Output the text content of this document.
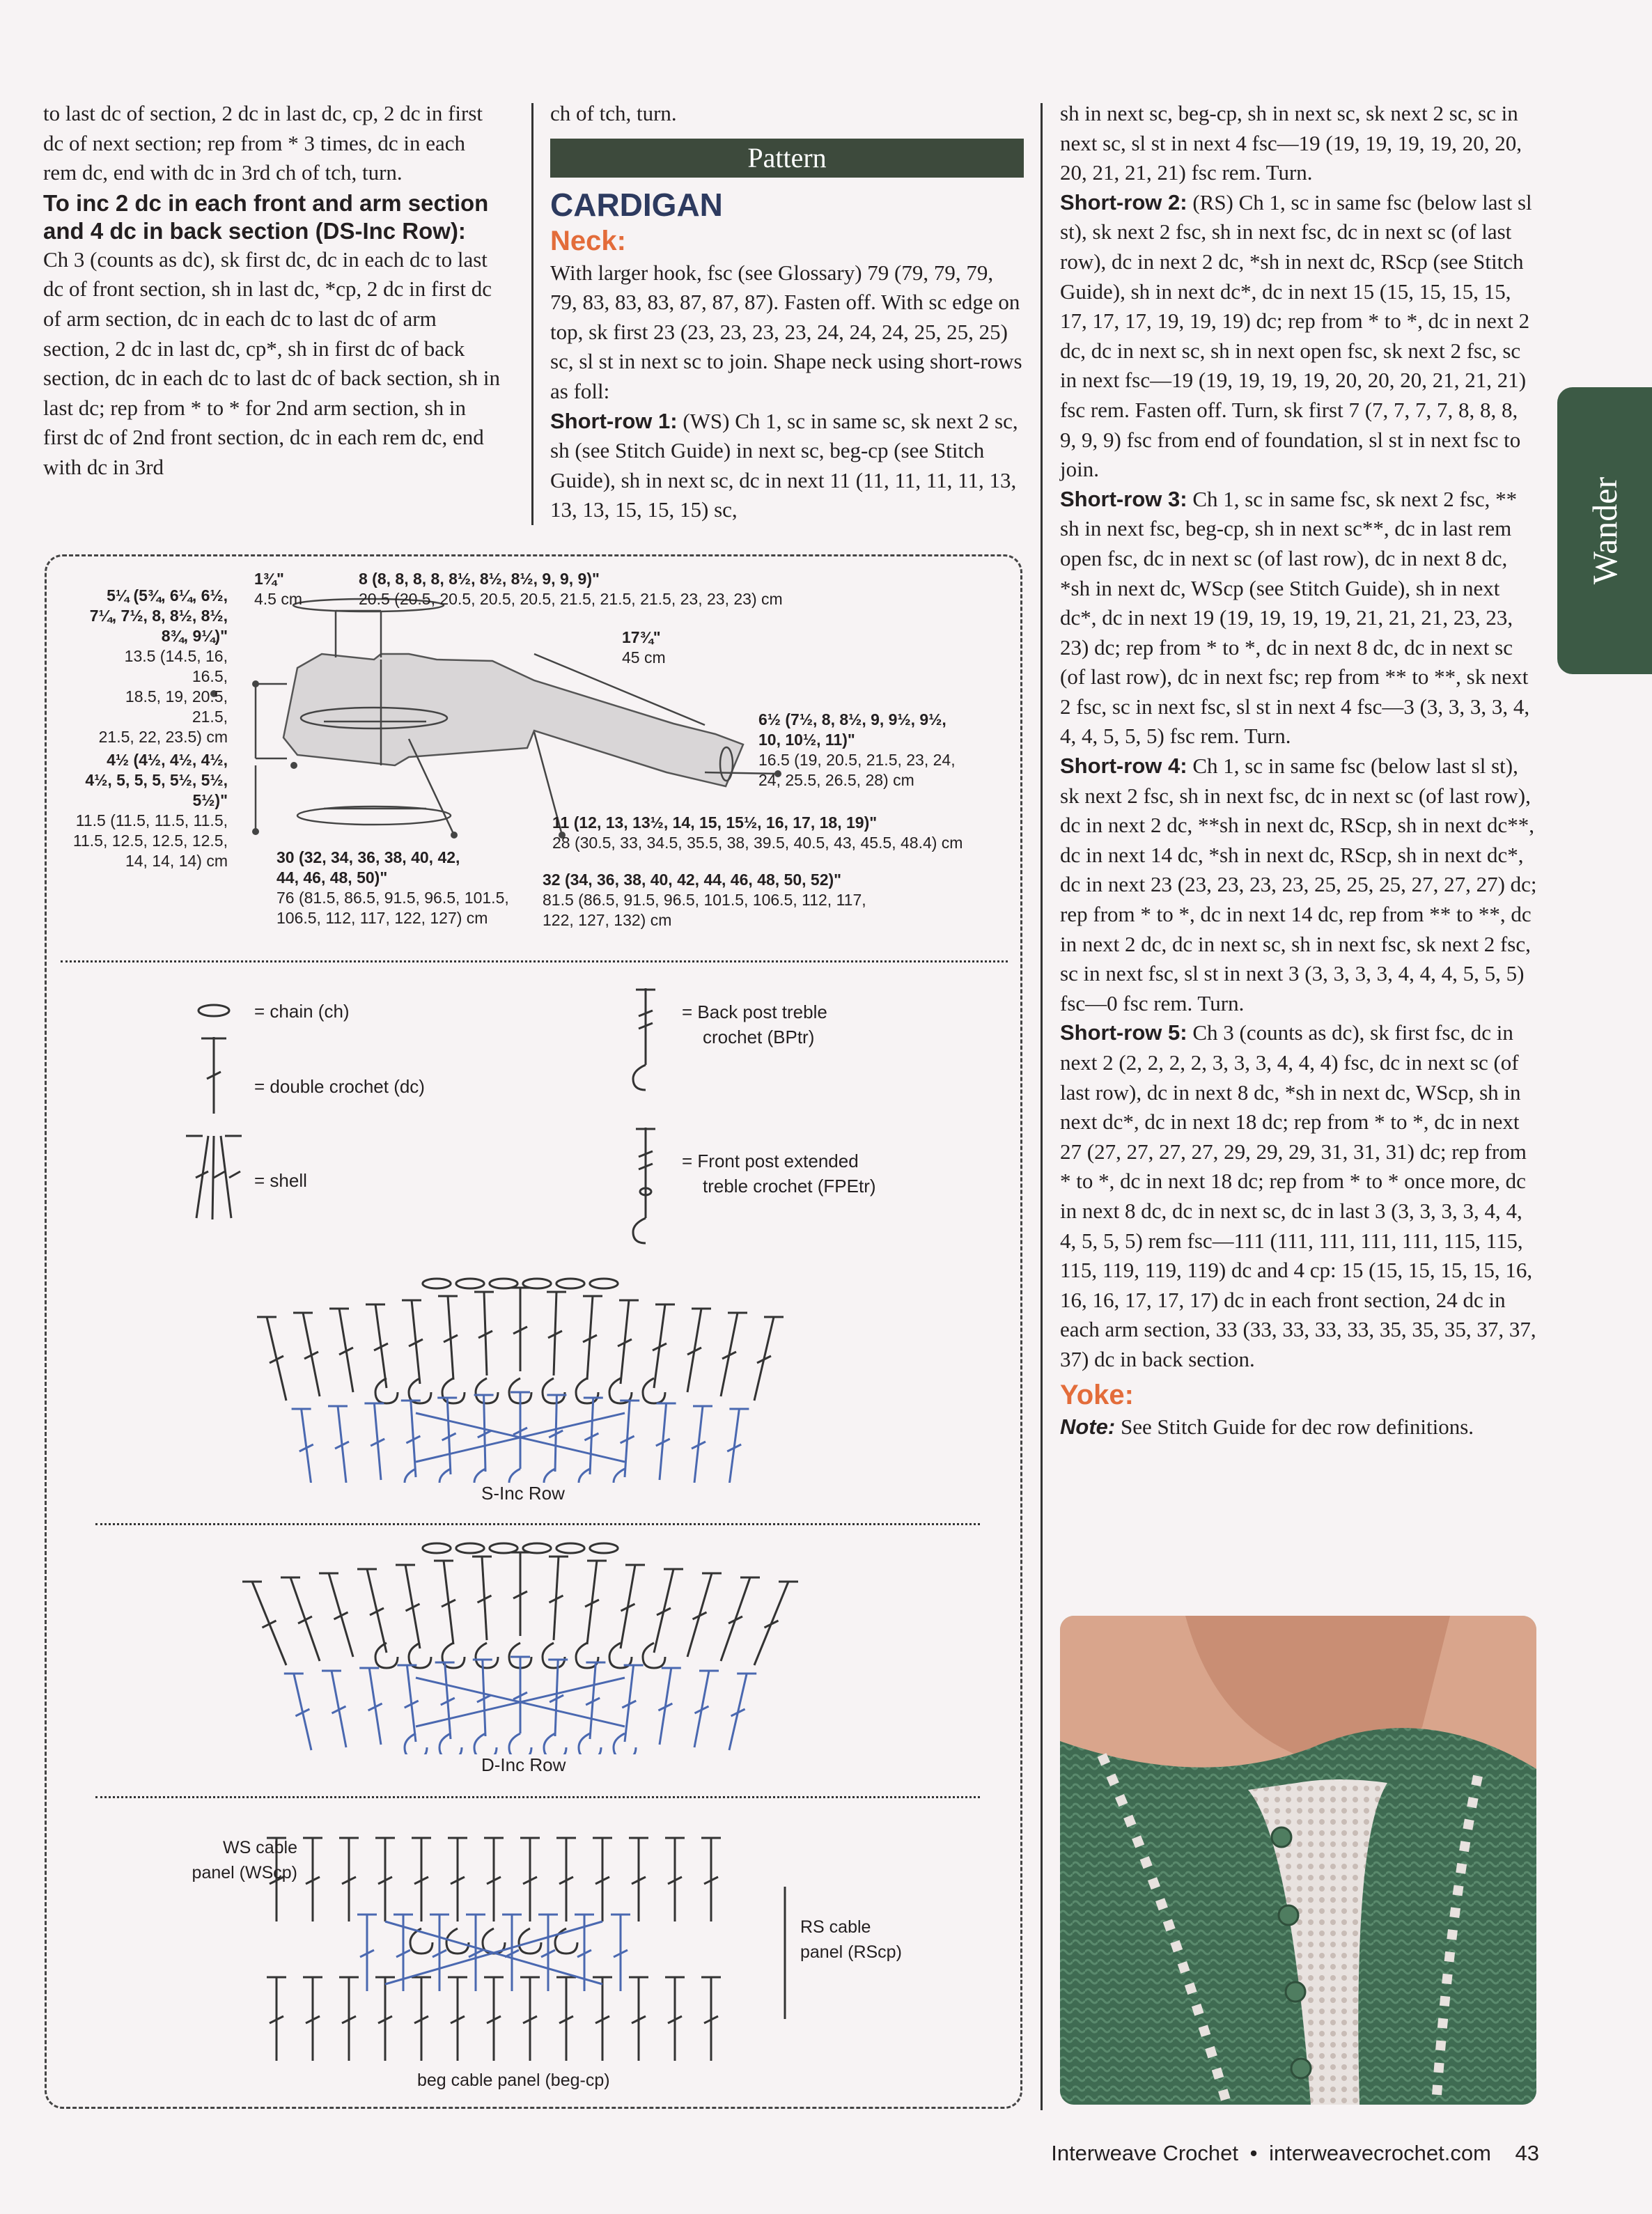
to last dc of section, 2 dc in last dc, cp, 2 dc in first dc of next section; rep from * 3 times, dc in each rem dc, end with dc in 3rd ch of tch, turn.

To inc 2 dc in each front and arm section and 4 dc in back section (DS-Inc Row):

Ch 3 (counts as dc), sk first dc, dc in each dc to last dc of front section, sh in last dc, *cp, 2 dc in first dc of arm section, dc in each dc to last dc of arm section, 2 dc in last dc, cp*, sh in first dc of back section, dc in each dc to last dc of back section, sh in last dc; rep from * to * for 2nd arm section, sh in first dc of 2nd front section, dc in each rem dc, end with dc in 3rd

ch of tch, turn.

Pattern
CARDIGAN
Neck:

With larger hook, fsc (see Glossary) 79 (79, 79, 79, 79, 83, 83, 83, 87, 87, 87). Fasten off. With sc edge on top, sk first 23 (23, 23, 23, 23, 24, 24, 24, 25, 25, 25) sc, sl st in next sc to join. Shape neck using short-rows as foll:

Short-row 1: (WS) Ch 1, sc in same sc, sk next 2 sc, sh (see Stitch Guide) in next sc, beg-cp (see Stitch Guide), sh in next sc, dc in next 11 (11, 11, 11, 11, 13, 13, 13, 15, 15, 15) sc,

sh in next sc, beg-cp, sh in next sc, sk next 2 sc, sc in next sc, sl st in next 4 fsc—19 (19, 19, 19, 19, 20, 20, 20, 21, 21, 21) fsc rem. Turn.

Short-row 2: (RS) Ch 1, sc in same fsc (below last sl st), sk next 2 fsc, sh in next fsc, dc in next sc (of last row), dc in next 2 dc, *sh in next dc, RScp (see Stitch Guide), sh in next dc*, dc in next 15 (15, 15, 15, 15, 17, 17, 17, 19, 19, 19) dc; rep from * to *, dc in next 2 dc, dc in next sc, sh in next open fsc, sk next 2 fsc, sc in next fsc—19 (19, 19, 19, 19, 20, 20, 20, 21, 21, 21) fsc rem. Fasten off. Turn, sk first 7 (7, 7, 7, 7, 8, 8, 8, 9, 9, 9) fsc from end of foundation, sl st in next fsc to join.

Short-row 3: Ch 1, sc in same fsc, sk next 2 fsc, ** sh in next fsc, beg-cp, sh in next sc**, dc in last rem open fsc, dc in next sc (of last row), dc in next 8 dc, *sh in next dc, WScp (see Stitch Guide), sh in next dc*, dc in next 19 (19, 19, 19, 19, 21, 21, 21, 23, 23, 23) dc; rep from * to *, dc in next 8 dc, dc in next sc (of last row), dc in next fsc; rep from ** to **, sk next 2 fsc, sc in next fsc, sl st in next 4 fsc—3 (3, 3, 3, 3, 4, 4, 4, 5, 5, 5) fsc rem. Turn.

Short-row 4: Ch 1, sc in same fsc (below last sl st), sk next 2 fsc, sh in next fsc, dc in next sc (of last row), dc in next 2 dc, **sh in next dc, RScp, sh in next dc**, dc in next 14 dc, *sh in next dc, RScp, sh in next dc*, dc in next 23 (23, 23, 23, 23, 25, 25, 25, 27, 27, 27) dc; rep from * to *, dc in next 14 dc, rep from ** to **, dc in next 2 dc, dc in next sc, sh in next fsc, sk next 2 fsc, sc in next fsc, sl st in next 3 (3, 3, 3, 3, 4, 4, 4, 5, 5, 5) fsc—0 fsc rem. Turn.

Short-row 5: Ch 3 (counts as dc), sk first fsc, dc in next 2 (2, 2, 2, 2, 3, 3, 3, 4, 4, 4) fsc, dc in next sc (of last row), dc in next 8 dc, *sh in next dc, WScp, sh in next dc*, dc in next 18 dc; rep from * to *, dc in next 27 (27, 27, 27, 27, 29, 29, 29, 31, 31, 31) dc; rep from * to *, dc in next 18 dc; rep from * to * once more, dc in next 8 dc, dc in next sc, dc in last 3 (3, 3, 3, 3, 4, 4, 4, 5, 5, 5) rem fsc—111 (111, 111, 111, 111, 115, 115, 115, 119, 119, 119) dc and 4 cp: 15 (15, 15, 15, 15, 16, 16, 16, 17, 17, 17) dc in each front section, 24 dc in each arm section, 33 (33, 33, 33, 33, 35, 35, 35, 37, 37, 37) dc in back section.

Yoke:

Note: See Stitch Guide for dec row definitions.

Wander
1¾"
4.5 cm
8 (8, 8, 8, 8, 8½, 8½, 8½, 9, 9, 9)"
20.5 (20.5, 20.5, 20.5, 20.5, 21.5, 21.5, 21.5, 23, 23, 23) cm
5¼ (5¾, 6¼, 6½,
7¼, 7½, 8, 8½, 8½,
8¾, 9¼)"
13.5 (14.5, 16, 16.5,
18.5, 19, 20.5, 21.5,
21.5, 22, 23.5) cm
17¾"
45 cm
4½ (4½, 4½, 4½,
4½, 5, 5, 5, 5½, 5½,
5½)"
11.5 (11.5, 11.5, 11.5,
11.5, 12.5, 12.5, 12.5,
14, 14, 14) cm
6½ (7½, 8, 8½, 9, 9½, 9½,
10, 10½, 11)"
16.5 (19, 20.5, 21.5, 23, 24,
24, 25.5, 26.5, 28) cm
11 (12, 13, 13½, 14, 15, 15½, 16, 17, 18, 19)"
28 (30.5, 33, 34.5, 35.5, 38, 39.5, 40.5, 43, 45.5, 48.4) cm
30 (32, 34, 36, 38, 40, 42,
44, 46, 48, 50)"
76 (81.5, 86.5, 91.5, 96.5, 101.5,
106.5, 112, 117, 122, 127) cm
32 (34, 36, 38, 40, 42, 44, 46, 48, 50, 52)"
81.5 (86.5, 91.5, 96.5, 101.5, 106.5, 112, 117,
122, 127, 132) cm
= chain (ch)
= double crochet (dc)
= shell
= Back post treble
crochet (BPtr)
= Front post extended
treble crochet (FPEtr)
S-Inc Row
D-Inc Row
WS cable
panel (WScp)
RS cable
panel (RScp)
beg cable panel (beg-cp)
Interweave Crochet • interweavecrochet.com 43
